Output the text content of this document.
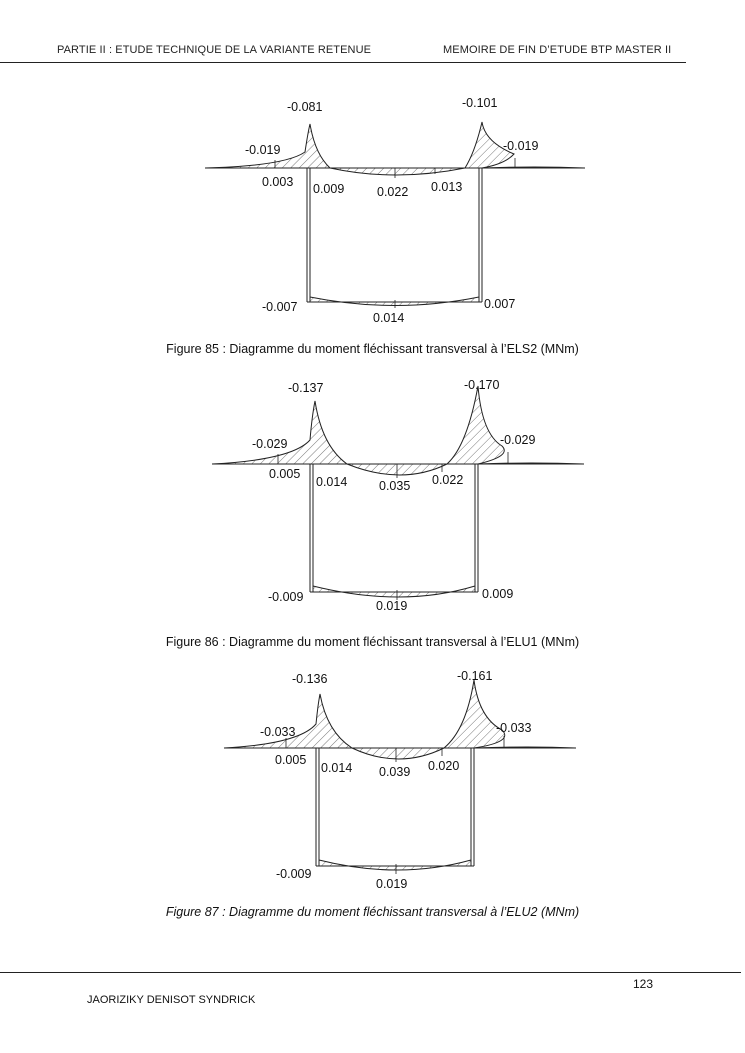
PARTIE II : ETUDE TECHNIQUE DE LA VARIANTE RETENUE	MEMOIRE DE FIN D’ETUDE BTP MASTER II
-0.081	-0.101
-0.019	-0.019
0.003 0.009	0.022 0.013
-0.007	0.007
0.014
Figure 85 : Diagramme du moment fléchissant transversal à l’ELS2 (MNm)
-0.137	-0.170
-0.029	-0.029
0.005
0.014	0.035 0.022
-0.009	0.009
0.019
Figure 86 : Diagramme du moment fléchissant transversal à l’ELU1 (MNm)
-0.136	-0.161
-0.033	-0.033
0.005
0.014 0.039 0.020
-0.009
0.019
Figure 87 : Diagramme du moment fléchissant transversal à l’ELU2 (MNm)
123
JAORIZIKY DENISOT SYNDRICK
